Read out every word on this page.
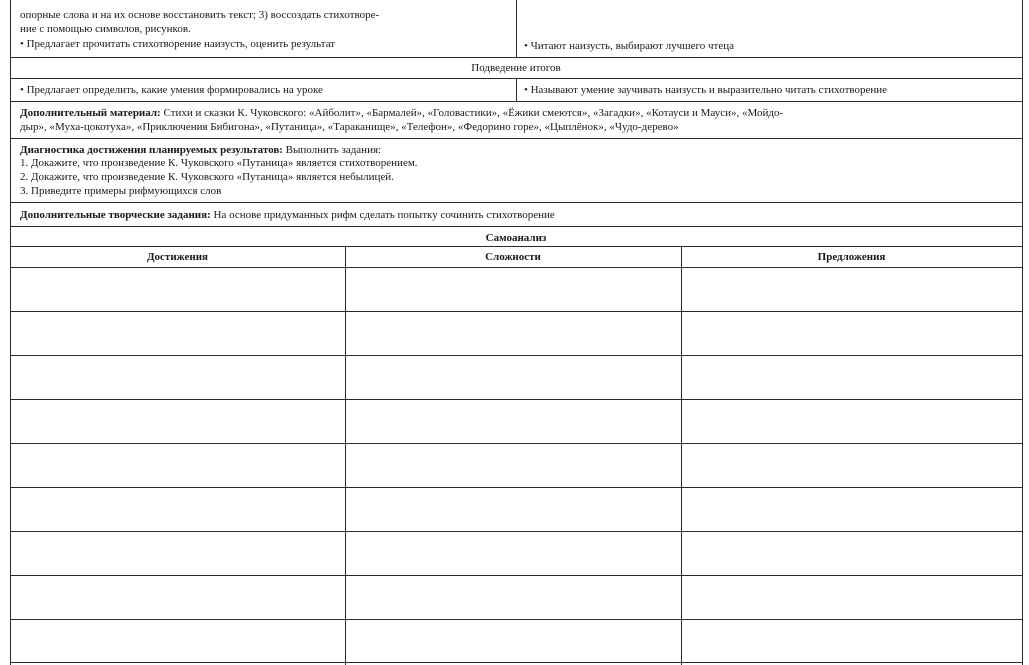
опорные слова и на их основе восстановить текст; 3) воссоздать стихотворе-
ние с помощью символов, рисунков.
• Предлагает прочитать стихотворение наизусть, оценить результат	• Читают наизусть, выбирают лучшего чтеца
Подведение итогов
• Предлагает определить, какие умения формировались на уроке	• Называют умение заучивать наизусть и выразительно читать стихотворение
Дополнительный материал: Стихи и сказки К. Чуковского: «Айболит», «Бармалей», «Головастики», «Ёжики смеются», «Загадки», «Котауси и Мауси», «Мойдо-
дыр», «Муха-цокотуха», «Приключения Бибигона», «Путаница», «Тараканище», «Телефон», «Федорино горе», «Цыплёнок», «Чудо-дерево»
Диагностика достижения планируемых результатов: Выполнить задания:
1. Докажите, что произведение К. Чуковского «Путаница» является стихотворением.
2. Докажите, что произведение К. Чуковского «Путаница» является небылицей.
3. Приведите примеры рифмующихся слов
Дополнительные творческие задания: На основе придуманных рифм сделать попытку сочинить стихотворение
Самоанализ
Достижения	Сложности	Предложения
